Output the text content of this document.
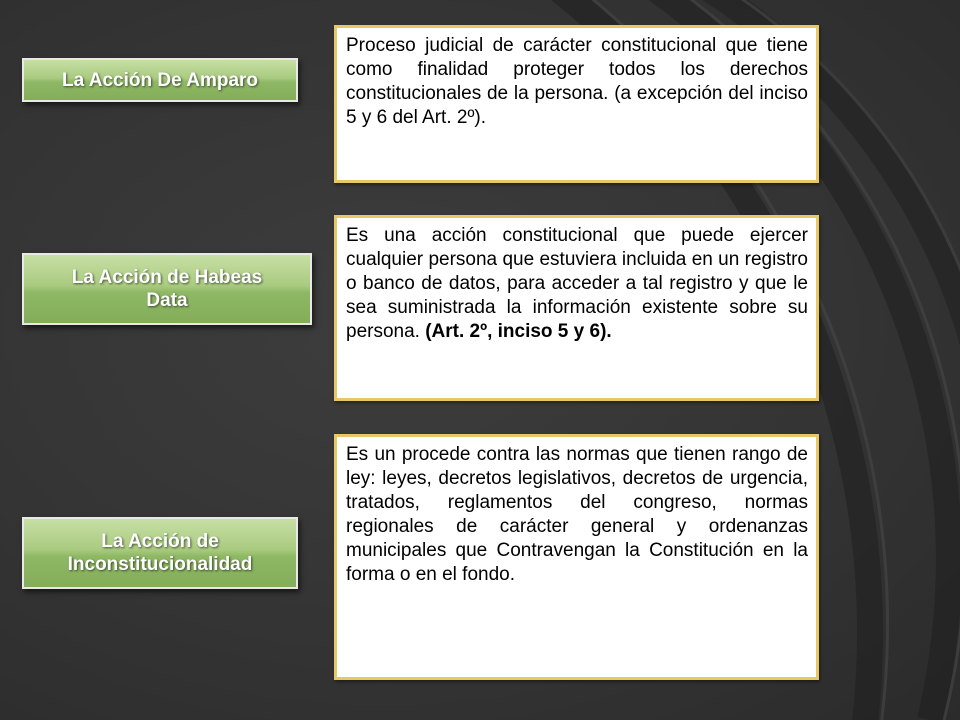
La Acción De Amparo
Proceso judicial de carácter constitucional que tiene como finalidad proteger todos los derechos constitucionales de la persona. (a excepción del inciso 5 y 6 del Art. 2º).
La Acción de Habeas
Data
Es una acción constitucional que puede ejercer cualquier persona que estuviera incluida en un registro o banco de datos, para acceder a tal registro y que le sea suministrada la información existente sobre su persona. (Art. 2º, inciso 5 y 6).
La Acción de
Inconstitucionalidad
Es un procede contra las normas que tienen rango de ley: leyes, decretos legislativos, decretos de urgencia, tratados, reglamentos del congreso, normas regionales de carácter general y ordenanzas municipales que Contravengan la Constitución en la forma o en el fondo.
